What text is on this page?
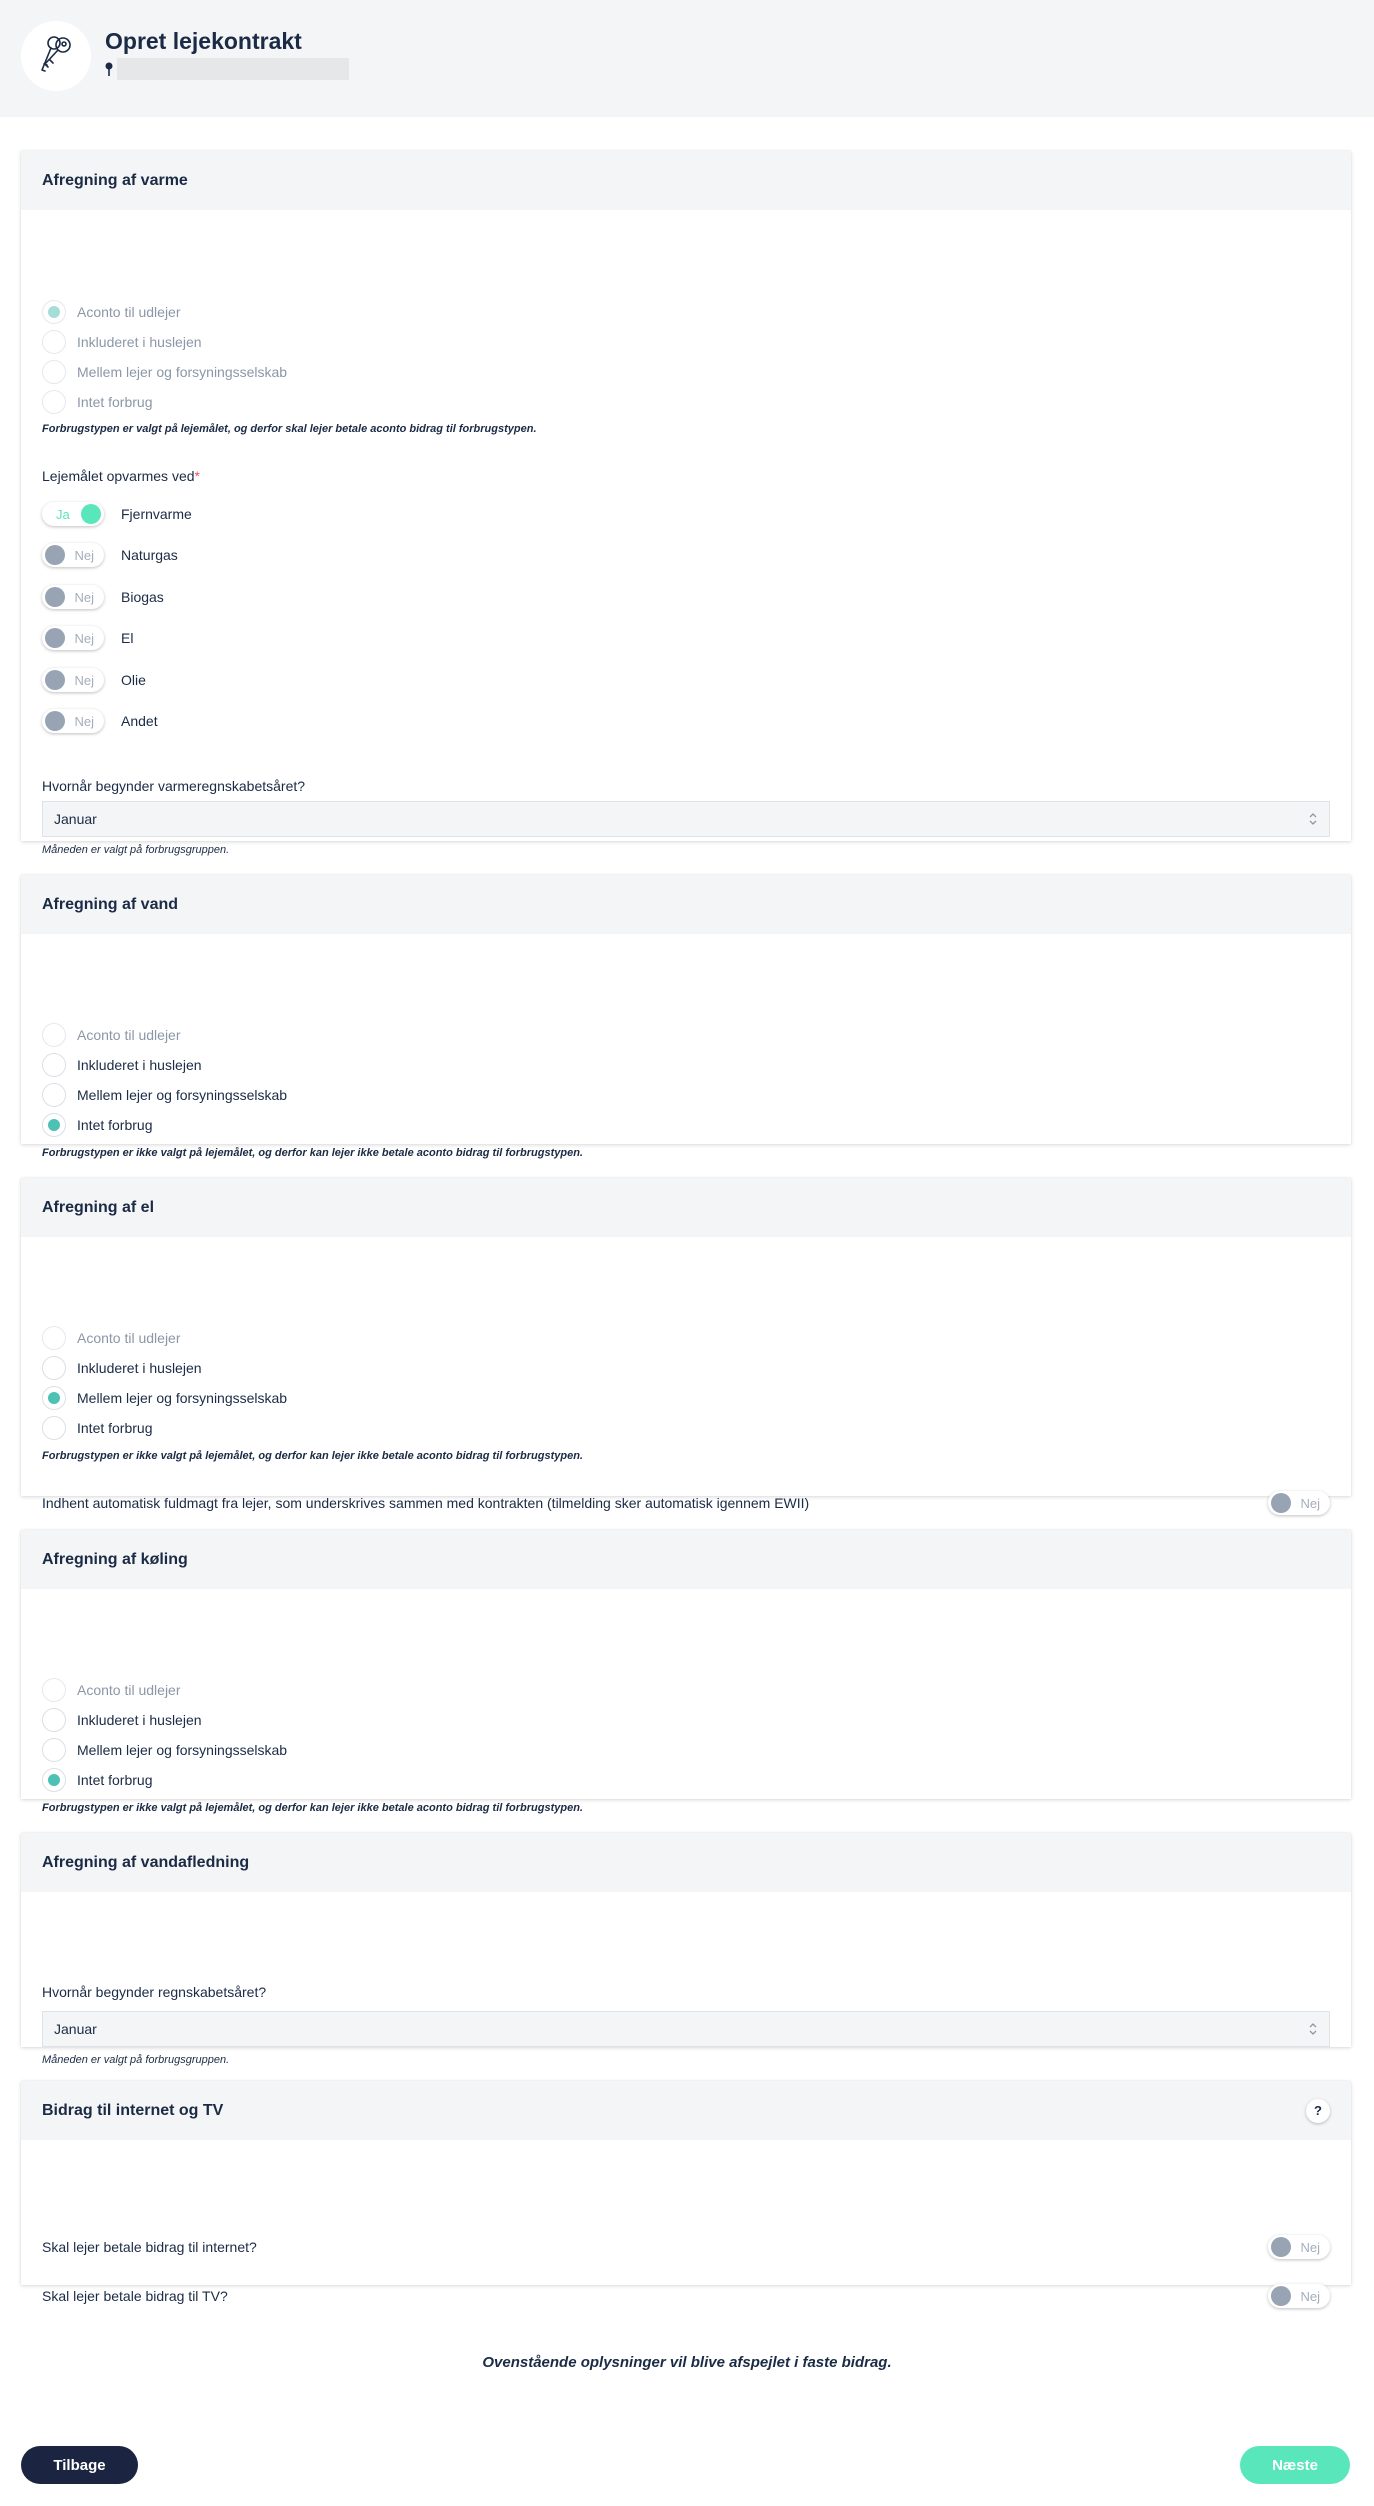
Opret lejekontrakt
Afregning af varme
Aconto til udlejer
Inkluderet i huslejen
Mellem lejer og forsyningsselskab
Intet forbrug
Forbrugstypen er valgt på lejemålet, og derfor skal lejer betale aconto bidrag til forbrugstypen.
Lejemålet opvarmes ved*
Ja	Fjernvarme
Nej Naturgas
Nej Biogas
Nej El
Nej Olie
Nej Andet
Hvornår begynder varmeregnskabetsåret?
Januar
Måneden er valgt på forbrugsgruppen.
Afregning af vand
Aconto til udlejer
Inkluderet i huslejen
Mellem lejer og forsyningsselskab
Intet forbrug
Forbrugstypen er ikke valgt på lejemålet, og derfor kan lejer ikke betale aconto bidrag til forbrugstypen.
Afregning af el
Aconto til udlejer
Inkluderet i huslejen
Mellem lejer og forsyningsselskab
Intet forbrug
Forbrugstypen er ikke valgt på lejemålet, og derfor kan lejer ikke betale aconto bidrag til forbrugstypen.
Indhent automatisk fuldmagt fra lejer, som underskrives sammen med kontrakten (tilmelding sker automatisk igennem EWII)	Nej
Afregning af køling
Aconto til udlejer
Inkluderet i huslejen
Mellem lejer og forsyningsselskab
Intet forbrug
Forbrugstypen er ikke valgt på lejemålet, og derfor kan lejer ikke betale aconto bidrag til forbrugstypen.
Afregning af vandafledning
Hvornår begynder regnskabetsåret?
Januar
Måneden er valgt på forbrugsgruppen.
Bidrag til internet og TV	?
Skal lejer betale bidrag til internet?	Nej
Skal lejer betale bidrag til TV?	Nej
Ovenstående oplysninger vil blive afspejlet i faste bidrag.
Tilbage	Næste
